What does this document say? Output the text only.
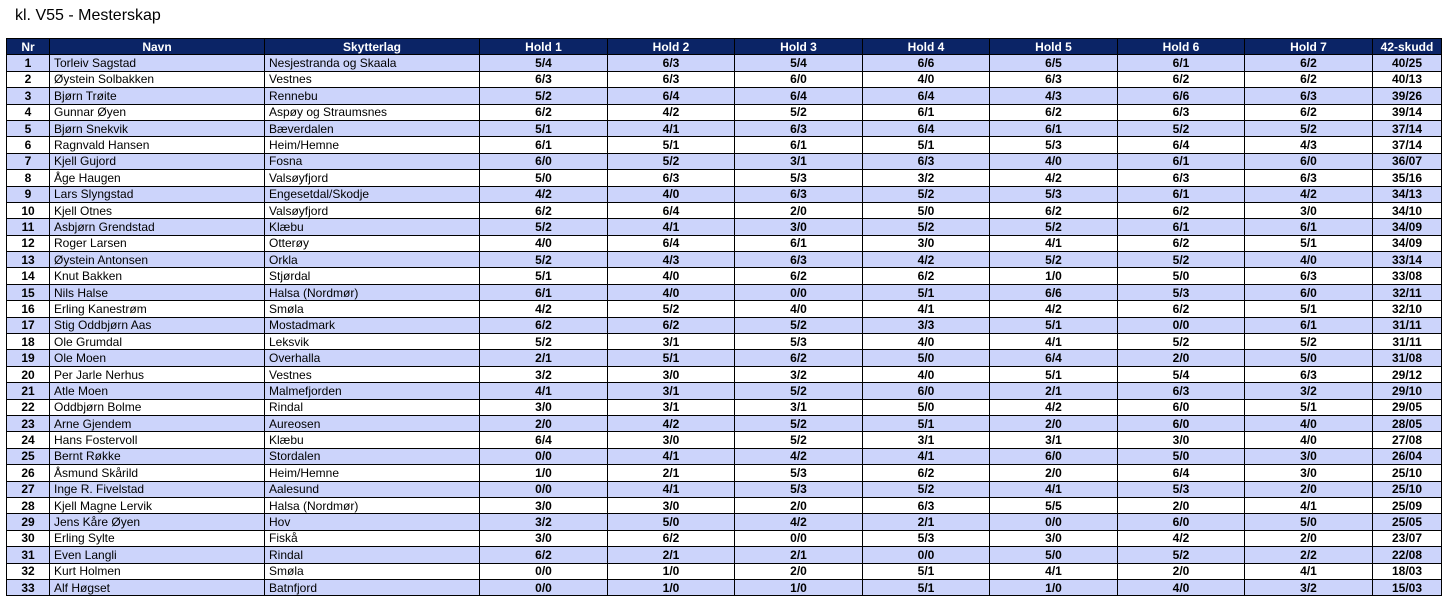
kl. V55 - Mesterskap
Nr	Navn	Skytterlag	Hold 1	Hold 2	Hold 3	Hold 4	Hold 5	Hold 6	Hold 7	42-skudd
1	Torleiv Sagstad	Nesjestranda og Skaala	5/4	6/3	5/4	6/6	6/5	6/1	6/2	40/25
2	Øystein Solbakken	Vestnes	6/3	6/3	6/0	4/0	6/3	6/2	6/2	40/13
3	Bjørn Trøite	Rennebu	5/2	6/4	6/4	6/4	4/3	6/6	6/3	39/26
4	Gunnar Øyen	Aspøy og Straumsnes	6/2	4/2	5/2	6/1	6/2	6/3	6/2	39/14
5	Bjørn Snekvik	Bæverdalen	5/1	4/1	6/3	6/4	6/1	5/2	5/2	37/14
6	Ragnvald Hansen	Heim/Hemne	6/1	5/1	6/1	5/1	5/3	6/4	4/3	37/14
7	Kjell Gujord	Fosna	6/0	5/2	3/1	6/3	4/0	6/1	6/0	36/07
8	Åge Haugen	Valsøyfjord	5/0	6/3	5/3	3/2	4/2	6/3	6/3	35/16
9	Lars Slyngstad	Engesetdal/Skodje	4/2	4/0	6/3	5/2	5/3	6/1	4/2	34/13
10	Kjell Otnes	Valsøyfjord	6/2	6/4	2/0	5/0	6/2	6/2	3/0	34/10
11	Asbjørn Grendstad	Klæbu	5/2	4/1	3/0	5/2	5/2	6/1	6/1	34/09
12	Roger Larsen	Otterøy	4/0	6/4	6/1	3/0	4/1	6/2	5/1	34/09
13	Øystein Antonsen	Orkla	5/2	4/3	6/3	4/2	5/2	5/2	4/0	33/14
14	Knut Bakken	Stjørdal	5/1	4/0	6/2	6/2	1/0	5/0	6/3	33/08
15	Nils Halse	Halsa (Nordmør)	6/1	4/0	0/0	5/1	6/6	5/3	6/0	32/11
16	Erling Kanestrøm	Smøla	4/2	5/2	4/0	4/1	4/2	6/2	5/1	32/10
17	Stig Oddbjørn Aas	Mostadmark	6/2	6/2	5/2	3/3	5/1	0/0	6/1	31/11
18	Ole Grumdal	Leksvik	5/2	3/1	5/3	4/0	4/1	5/2	5/2	31/11
19	Ole Moen	Overhalla	2/1	5/1	6/2	5/0	6/4	2/0	5/0	31/08
20	Per Jarle Nerhus	Vestnes	3/2	3/0	3/2	4/0	5/1	5/4	6/3	29/12
21	Atle Moen	Malmefjorden	4/1	3/1	5/2	6/0	2/1	6/3	3/2	29/10
22	Oddbjørn Bolme	Rindal	3/0	3/1	3/1	5/0	4/2	6/0	5/1	29/05
23	Arne Gjendem	Aureosen	2/0	4/2	5/2	5/1	2/0	6/0	4/0	28/05
24	Hans Fostervoll	Klæbu	6/4	3/0	5/2	3/1	3/1	3/0	4/0	27/08
25	Bernt Røkke	Stordalen	0/0	4/1	4/2	4/1	6/0	5/0	3/0	26/04
26	Åsmund Skårild	Heim/Hemne	1/0	2/1	5/3	6/2	2/0	6/4	3/0	25/10
27	Inge R. Fivelstad	Aalesund	0/0	4/1	5/3	5/2	4/1	5/3	2/0	25/10
28	Kjell Magne Lervik	Halsa (Nordmør)	3/0	3/0	2/0	6/3	5/5	2/0	4/1	25/09
29	Jens Kåre Øyen	Hov	3/2	5/0	4/2	2/1	0/0	6/0	5/0	25/05
30	Erling Sylte	Fiskå	3/0	6/2	0/0	5/3	3/0	4/2	2/0	23/07
31	Even Langli	Rindal	6/2	2/1	2/1	0/0	5/0	5/2	2/2	22/08
32	Kurt Holmen	Smøla	0/0	1/0	2/0	5/1	4/1	2/0	4/1	18/03
33	Alf Høgset	Batnfjord	0/0	1/0	1/0	5/1	1/0	4/0	3/2	15/03
